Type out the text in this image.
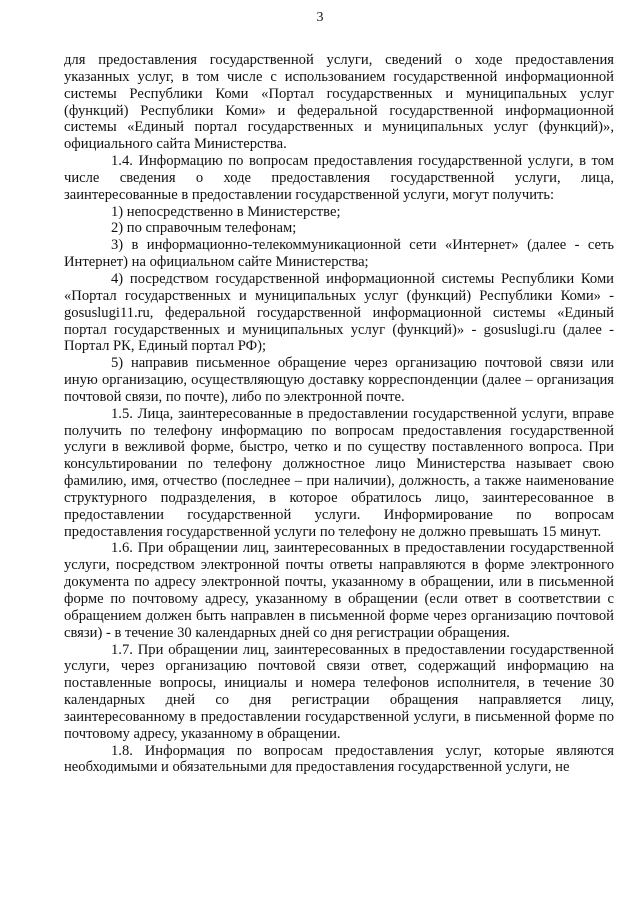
3

для предоставления государственной услуги, сведений о ходе предоставления указанных услуг, в том числе с использованием государственной информационной системы Республики Коми «Портал государственных и муниципальных услуг (функций) Республики Коми» и федеральной государственной информационной системы «Единый портал государственных и муниципальных услуг (функций)», официального сайта Министерства.

1.4. Информацию по вопросам предоставления государственной услуги, в том числе сведения о ходе предоставления государственной услуги, лица, заинтересованные в предоставлении государственной услуги, могут получить:

1) непосредственно в Министерстве;

2) по справочным телефонам;

3) в информационно-телекоммуникационной сети «Интернет» (далее - сеть Интернет) на официальном сайте Министерства;

4) посредством государственной информационной системы Республики Коми «Портал государственных и муниципальных услуг (функций) Республики Коми» - gosuslugi11.ru, федеральной государственной информационной системы «Единый портал государственных и муниципальных услуг (функций)» - gosuslugi.ru (далее - Портал РК, Единый портал РФ);

5) направив письменное обращение через организацию почтовой связи или иную организацию, осуществляющую доставку корреспонденции (далее – организация почтовой связи, по почте), либо по электронной почте.

1.5. Лица, заинтересованные в предоставлении государственной услуги, вправе получить по телефону информацию по вопросам предоставления государственной услуги в вежливой форме, быстро, четко и по существу поставленного вопроса. При консультировании по телефону должностное лицо Министерства называет свою фамилию, имя, отчество (последнее – при наличии), должность, а также наименование структурного подразделения, в которое обратилось лицо, заинтересованное в предоставлении государственной услуги. Информирование по вопросам предоставления государственной услуги по телефону не должно превышать 15 минут.

1.6. При обращении лиц, заинтересованных в предоставлении государственной услуги, посредством электронной почты ответы направляются в форме электронного документа по адресу электронной почты, указанному в обращении, или в письменной форме по почтовому адресу, указанному в обращении (если ответ в соответствии с обращением должен быть направлен в письменной форме через организацию почтовой связи) - в течение 30 календарных дней со дня регистрации обращения.

1.7. При обращении лиц, заинтересованных в предоставлении государственной услуги, через организацию почтовой связи ответ, содержащий информацию на поставленные вопросы, инициалы и номера телефонов исполнителя, в течение 30 календарных дней со дня регистрации обращения направляется лицу, заинтересованному в предоставлении государственной услуги, в письменной форме по почтовому адресу, указанному в обращении.

1.8. Информация по вопросам предоставления услуг, которые являются необходимыми и обязательными для предоставления государственной услуги, не
